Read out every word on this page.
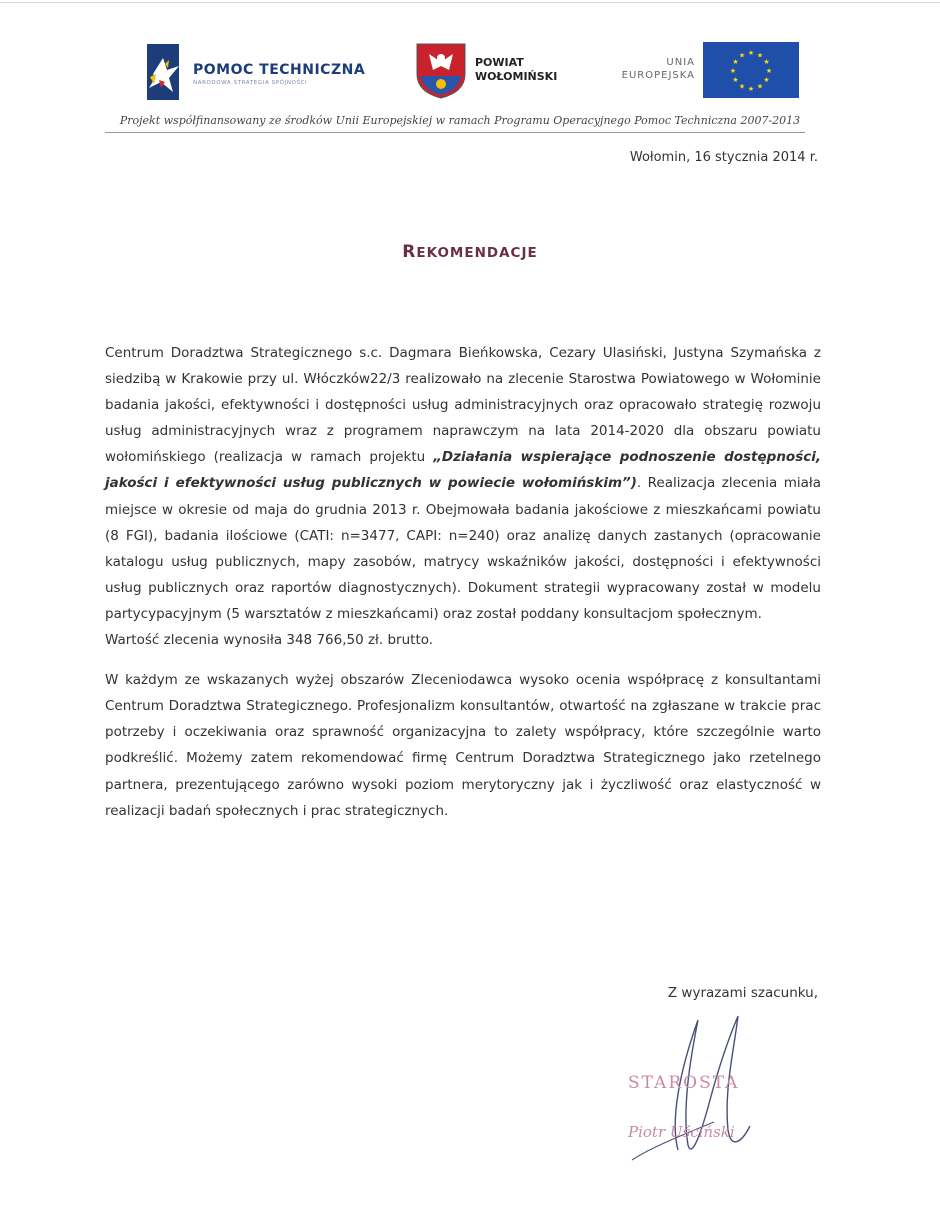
POMOC TECHNICZNA
NARODOWA STRATEGIA SPÓJNOŚCI
POWIAT
WOŁOMIŃSKI
UNIA
EUROPEJSKA
★ ★
★
★
★
★
★
★
★
★
★
★
Projekt współfinansowany ze środków Unii Europejskiej w ramach Programu Operacyjnego Pomoc Techniczna 2007-2013
Wołomin, 16 stycznia 2014 r.
REKOMENDACJE

Centrum Doradztwa Strategicznego s.c. Dagmara Bieńkowska, Cezary Ulasiński, Justyna Szymańska z siedzibą w Krakowie przy ul. Włóczków22/3 realizowało na zlecenie Starostwa Powiatowego w Wołominie badania jakości, efektywności i dostępności usług administracyjnych oraz opracowało strategię rozwoju usług administracyjnych wraz z programem naprawczym na lata 2014-2020 dla obszaru powiatu wołomińskiego (realizacja w ramach projektu „Działania wspierające podnoszenie dostępności, jakości i efektywności usług publicznych w powiecie wołomińskim”). Realizacja zlecenia miała miejsce w okresie od maja do grudnia 2013 r. Obejmowała badania jakościowe z mieszkańcami powiatu (8 FGI), badania ilościowe (CATI: n=3477, CAPI: n=240) oraz analizę danych zastanych (opracowanie katalogu usług publicznych, mapy zasobów, matrycy wskaźników jakości, dostępności i efektywności usług publicznych oraz raportów diagnostycznych). Dokument strategii wypracowany został w modelu partycypacyjnym (5 warsztatów z mieszkańcami) oraz został poddany konsultacjom społecznym.

Wartość zlecenia wynosiła 348 766,50 zł. brutto.

W każdym ze wskazanych wyżej obszarów Zleceniodawca wysoko ocenia współpracę z konsultantami Centrum Doradztwa Strategicznego. Profesjonalizm konsultantów, otwartość na zgłaszane w trakcie prac potrzeby i oczekiwania oraz sprawność organizacyjna to zalety współpracy, które szczególnie warto podkreślić. Możemy zatem rekomendować firmę Centrum Doradztwa Strategicznego jako rzetelnego partnera, prezentującego zarówno wysoki poziom merytoryczny jak i życzliwość oraz elastyczność w realizacji badań społecznych i prac strategicznych.

Z wyrazami szacunku,
STAROSTA
Piotr Uściński
